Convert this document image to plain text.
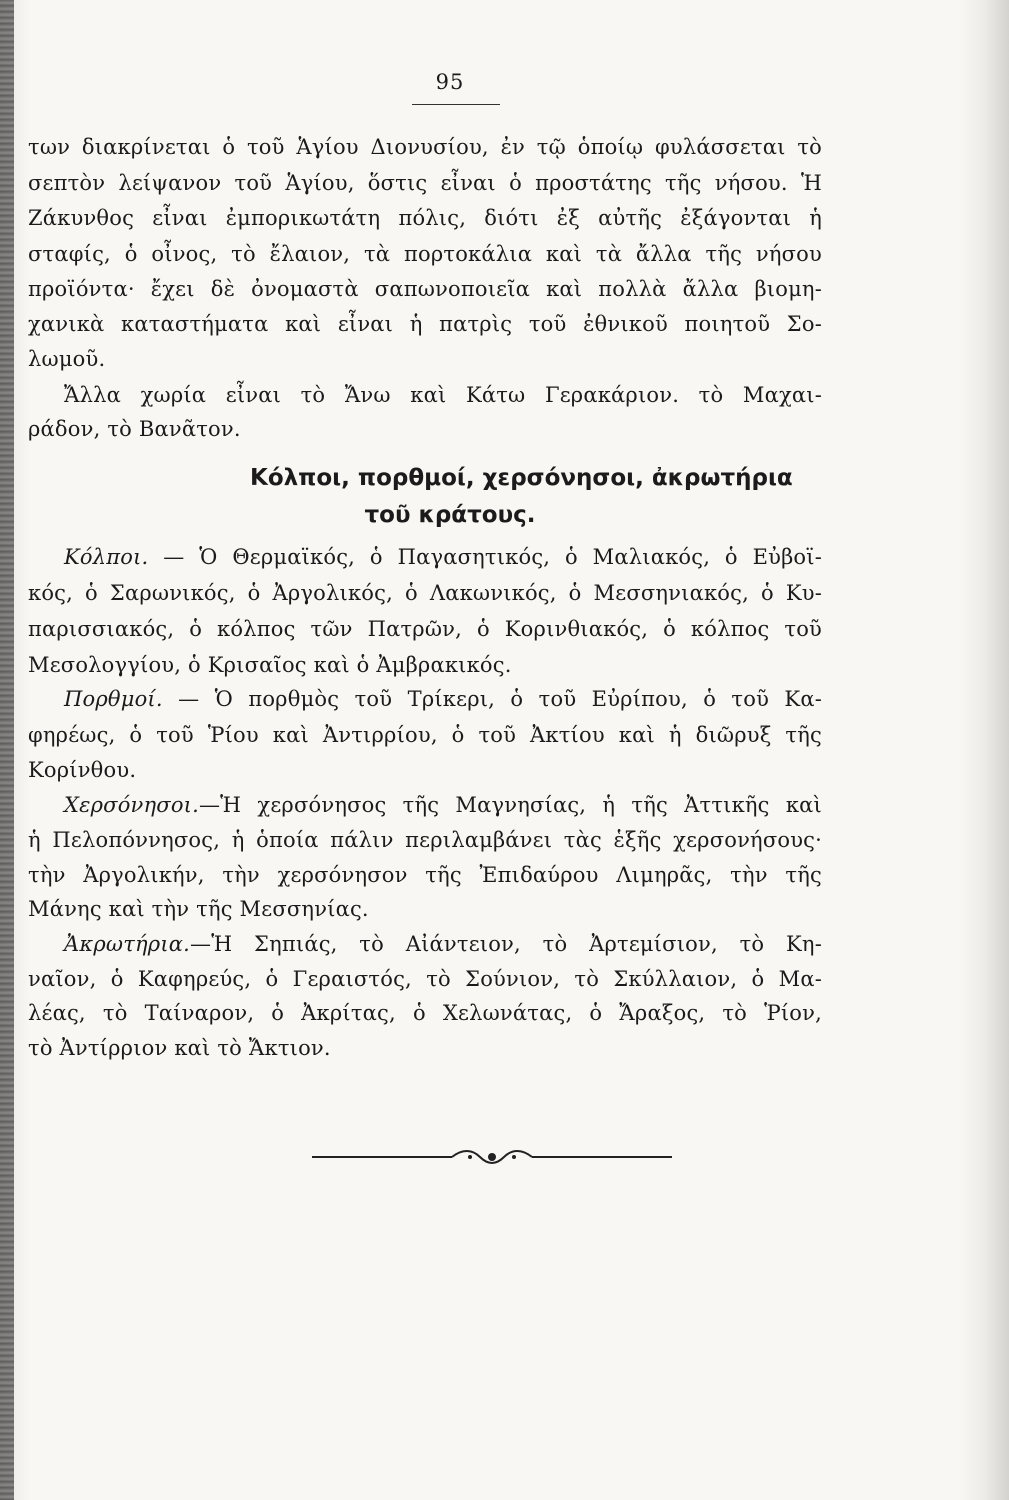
95
των διακρίνεται ὁ τοῦ Ἁγίου Διονυσίου, ἐν τῷ ὁποίῳ φυλάσσεται τὸ
σεπτὸν λείψανον τοῦ Ἁγίου, ὅστις εἶναι ὁ προστάτης τῆς νήσου. Ἡ
Ζάκυνθος εἶναι ἐμπορικωτάτη πόλις, διότι ἐξ αὐτῆς ἐξάγονται ἡ
σταφίς, ὁ οἶνος, τὸ ἔλαιον, τὰ πορτοκάλια καὶ τὰ ἄλλα τῆς νήσου
προϊόντα· ἔχει δὲ ὀνομαστὰ σαπωνοποιεῖα καὶ πολλὰ ἄλλα βιομη-
χανικὰ καταστήματα καὶ εἶναι ἡ πατρὶς τοῦ ἐθνικοῦ ποιητοῦ Σο-
λωμοῦ.
Ἄλλα χωρία εἶναι τὸ Ἄνω καὶ Κάτω Γερακάριον. τὸ Μαχαι-
ράδον, τὸ Βανᾶτον.
Κόλποι, πορθμοί, χερσόνησοι, ἀκρωτήρια
τοῦ κράτους.
Κόλποι. — Ὁ Θερμαϊκός, ὁ Παγασητικός, ὁ Μαλιακός, ὁ Εὐβοϊ-
κός, ὁ Σαρωνικός, ὁ Ἀργολικός, ὁ Λακωνικός, ὁ Μεσσηνιακός, ὁ Κυ-
παρισσιακός, ὁ κόλπος τῶν Πατρῶν, ὁ Κορινθιακός, ὁ κόλπος τοῦ
Μεσολογγίου, ὁ Κρισαῖος καὶ ὁ Ἀμβρακικός.
Πορθμοί. — Ὁ πορθμὸς τοῦ Τρίκερι, ὁ τοῦ Εὐρίπου, ὁ τοῦ Κα-
φηρέως, ὁ τοῦ Ῥίου καὶ Ἀντιρρίου, ὁ τοῦ Ἀκτίου καὶ ἡ διῶρυξ τῆς
Κορίνθου.
Χερσόνησοι.—Ἡ χερσόνησος τῆς Μαγνησίας, ἡ τῆς Ἀττικῆς καὶ
ἡ Πελοπόννησος, ἡ ὁποία πάλιν περιλαμβάνει τὰς ἑξῆς χερσονήσους·
τὴν Ἀργολικήν, τὴν χερσόνησον τῆς Ἐπιδαύρου Λιμηρᾶς, τὴν τῆς
Μάνης καὶ τὴν τῆς Μεσσηνίας.
Ἀκρωτήρια.—Ἡ Σηπιάς, τὸ Αἰάντειον, τὸ Ἀρτεμίσιον, τὸ Κη-
ναῖον, ὁ Καφηρεύς, ὁ Γεραιστός, τὸ Σούνιον, τὸ Σκύλλαιον, ὁ Μα-
λέας, τὸ Ταίναρον, ὁ Ἀκρίτας, ὁ Χελωνάτας, ὁ Ἄραξος, τὸ Ῥίον,
τὸ Ἀντίρριον καὶ τὸ Ἄκτιον.
